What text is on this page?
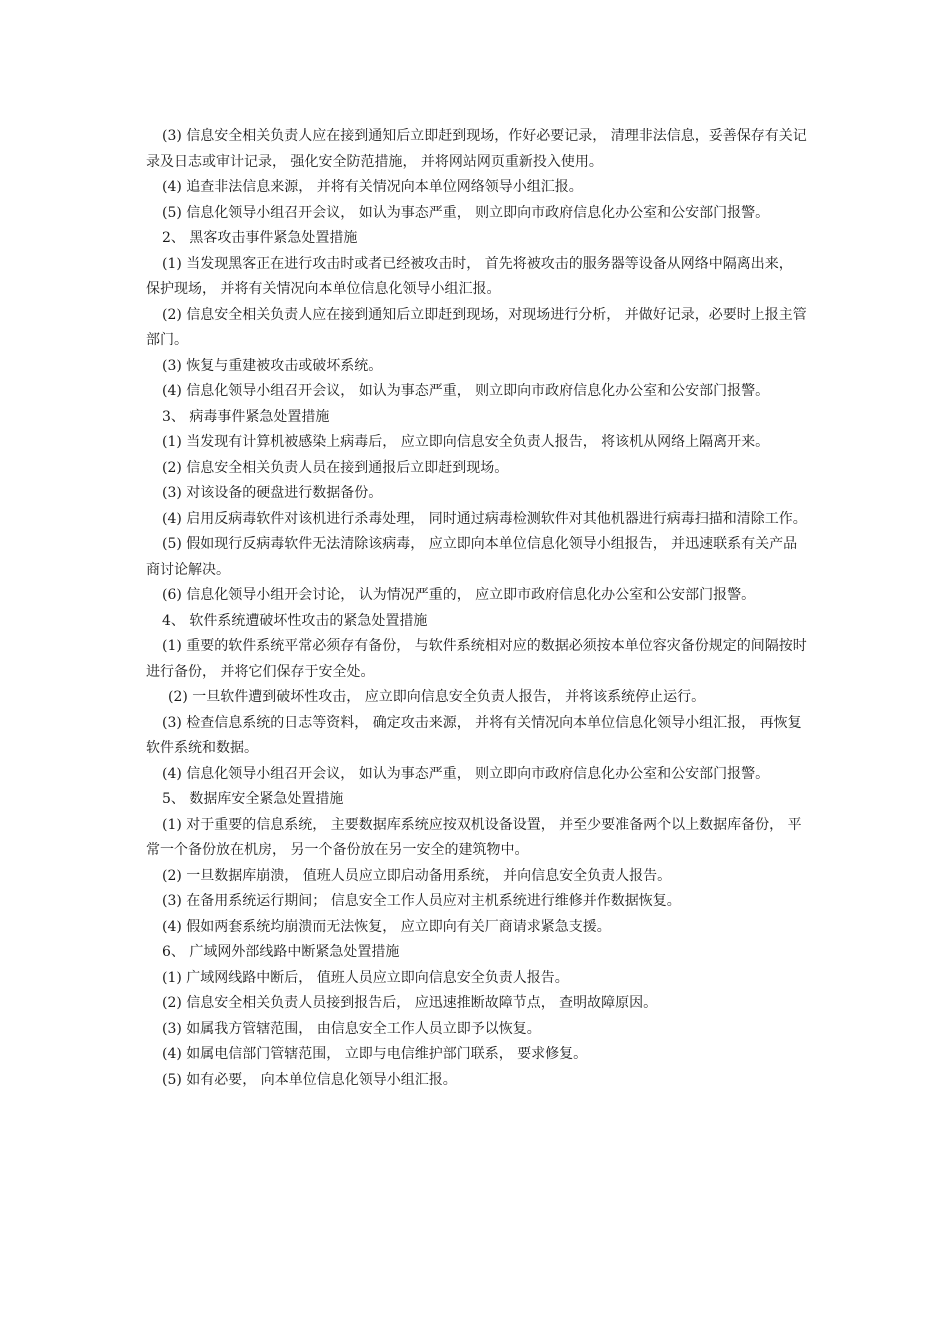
(3) 信息安全相关负责人应在接到通知后立即赶到现场，作好必要记录， 清理非法信息，妥善保存有关记录及日志或审计记录， 强化安全防范措施， 并将网站网页重新投入使用。

(4) 追查非法信息来源， 并将有关情况向本单位网络领导小组汇报。

(5) 信息化领导小组召开会议， 如认为事态严重， 则立即向市政府信息化办公室和公安部门报警。

2、 黑客攻击事件紧急处置措施

(1) 当发现黑客正在进行攻击时或者已经被攻击时， 首先将被攻击的服务器等设备从网络中隔离出来， 保护现场， 并将有关情况向本单位信息化领导小组汇报。

(2) 信息安全相关负责人应在接到通知后立即赶到现场，对现场进行分析， 并做好记录，必要时上报主管部门。

(3) 恢复与重建被攻击或破坏系统。

(4) 信息化领导小组召开会议， 如认为事态严重， 则立即向市政府信息化办公室和公安部门报警。

3、 病毒事件紧急处置措施

(1) 当发现有计算机被感染上病毒后， 应立即向信息安全负责人报告， 将该机从网络上隔离开来。

(2) 信息安全相关负责人员在接到通报后立即赶到现场。

(3) 对该设备的硬盘进行数据备份。

(4) 启用反病毒软件对该机进行杀毒处理， 同时通过病毒检测软件对其他机器进行病毒扫描和清除工作。

(5) 假如现行反病毒软件无法清除该病毒， 应立即向本单位信息化领导小组报告， 并迅速联系有关产品商讨论解决。

(6) 信息化领导小组开会讨论， 认为情况严重的， 应立即市政府信息化办公室和公安部门报警。

4、 软件系统遭破坏性攻击的紧急处置措施

(1) 重要的软件系统平常必须存有备份， 与软件系统相对应的数据必须按本单位容灾备份规定的间隔按时进行备份， 并将它们保存于安全处。

(2) 一旦软件遭到破坏性攻击， 应立即向信息安全负责人报告， 并将该系统停止运行。

(3) 检查信息系统的日志等资料， 确定攻击来源， 并将有关情况向本单位信息化领导小组汇报， 再恢复软件系统和数据。

(4) 信息化领导小组召开会议， 如认为事态严重， 则立即向市政府信息化办公室和公安部门报警。

5、 数据库安全紧急处置措施

(1) 对于重要的信息系统， 主要数据库系统应按双机设备设置， 并至少要准备两个以上数据库备份， 平常一个备份放在机房， 另一个备份放在另一安全的建筑物中。

(2) 一旦数据库崩溃， 值班人员应立即启动备用系统， 并向信息安全负责人报告。

(3) 在备用系统运行期间； 信息安全工作人员应对主机系统进行维修并作数据恢复。

(4) 假如两套系统均崩溃而无法恢复， 应立即向有关厂商请求紧急支援。

6、 广域网外部线路中断紧急处置措施

(1) 广域网线路中断后， 值班人员应立即向信息安全负责人报告。

(2) 信息安全相关负责人员接到报告后， 应迅速推断故障节点， 查明故障原因。

(3) 如属我方管辖范围， 由信息安全工作人员立即予以恢复。

(4) 如属电信部门管辖范围， 立即与电信维护部门联系， 要求修复。

(5) 如有必要， 向本单位信息化领导小组汇报。
